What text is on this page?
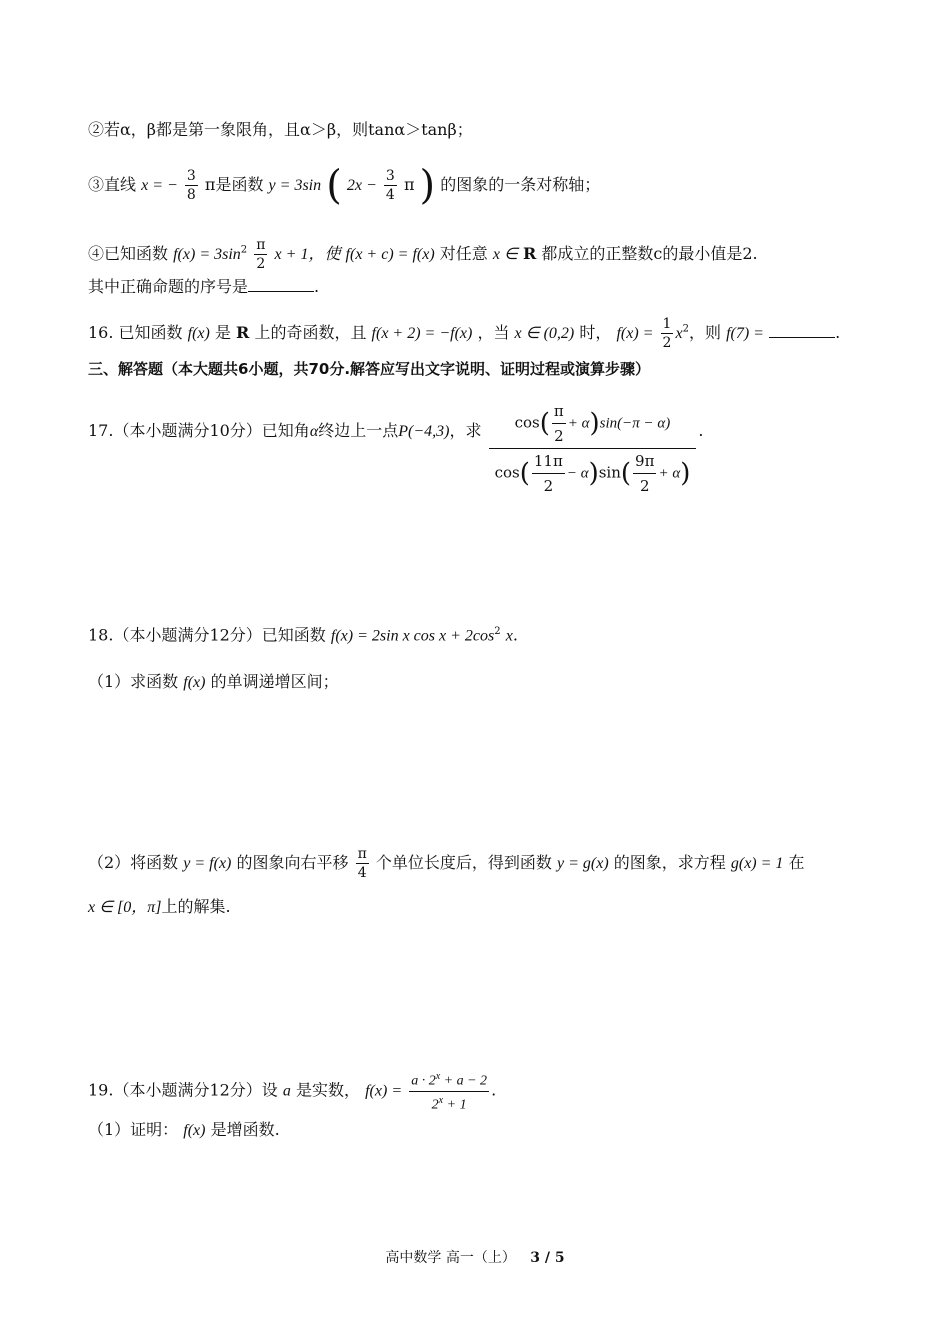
②若α，β都是第一象限角，且α＞β，则tanα＞tanβ；
③直线 x = − $\frac{3}{8}$ π是函数 y = 3sin ( $2x - \frac{3}{4}$ π ) 的图象的一条对称轴；
④已知函数 $f(x) = 3\sin^2 \frac{\pi}{2}$ x + 1，使 f(x + c) = f(x) 对任意 x ∈ R 都成立的正整数c的最小值是2.
其中正确命题的序号是	.
16. 已知函数 f(x) 是 R 上的奇函数，且 f(x + 2) = −f(x) ，当 x ∈ (0,2) 时， $f(x) = \frac{1}{2} x^2$，则 f(7) =	.
三、解答题（本大题共6小题，共70分.解答应写出文字说明、证明过程或演算步骤）
17.（本小题满分10分）已知角α终边上一点P(−4,3)，求 $\frac{\cos( \frac{\pi}{2} + \alpha)\sin(-\pi - \alpha)}{\cos( \frac{11\pi}{2} - \alpha)\sin( \frac{9\pi}{2} + \alpha)}$ .
18.（本小题满分12分）已知函数 f(x) = 2sin x $\cos x + 2\cos^2$ x.
（1）求函数 f(x) 的单调递增区间；
（2）将函数 y = f(x) 的图象向右平移 $\frac{\pi}{4}$ 个单位长度后，得到函数 y = g(x) 的图象，求方程 g(x) = 1 在
x ∈ [0，π]上的解集.
19.（本小题满分12分）设 a 是实数， $f(x) = \frac{a \cdot 2^x + a - 2}{2^x + 1}$ .
（1）证明： f(x) 是增函数.
高中数学 高一（上） 3 / 5
